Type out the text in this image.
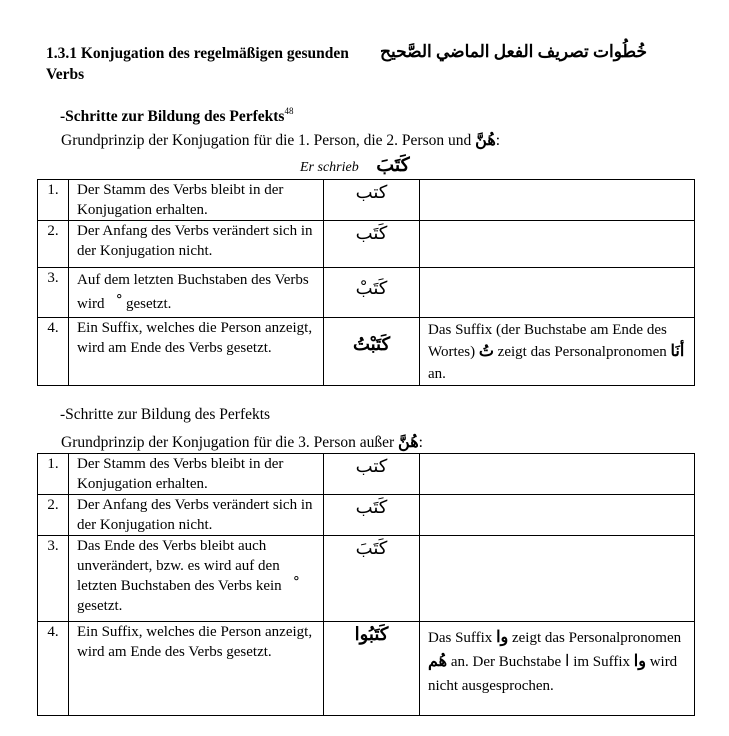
1.3.1 Konjugation des regelmäßigen gesunden Verbs
خُطُوات تصريف الفعل الماضي الصَّحيح
-Schritte zur Bildung des Perfekts$^{48}$
Grundprinzip der Konjugation für die 1. Person, die 2. Person und هُنَّ:
Er schrieb كَتَبَ
1.	Der Stamm des Verbs bleibt in der Konjugation erhalten.	كتب	
2.	Der Anfang des Verbs verändert sich in der Konjugation nicht.	كَتَب	
3.	Auf dem letzten Buchstaben des Verbs wird gesetzt.	كَتَبْ	
4.	Ein Suffix, welches die Person anzeigt, wird am Ende des Verbs gesetzt.	كَتَبْتُ	Das Suffix (der Buchstabe am Ende des Wortes) تُ zeigt das Personalpronomen أنَا an.
-Schritte zur Bildung des Perfekts
Grundprinzip der Konjugation für die 3. Person außer هُنَّ:
1.	Der Stamm des Verbs bleibt in der Konjugation erhalten.	كتب	
2.	Der Anfang des Verbs verändert sich in der Konjugation nicht.	كَتَب	
3.	Das Ende des Verbs bleibt auch unverändert, bzw. es wird auf den letzten Buchstaben des Verbs kein  gesetzt.	كَتَبَ	
4.	Ein Suffix, welches die Person anzeigt, wird am Ende des Verbs gesetzt.	كَتَبُوا	Das Suffix وا zeigt das Personalpronomen هُم an. Der Buchstabe ا im Suffix وا wird nicht ausgesprochen.
